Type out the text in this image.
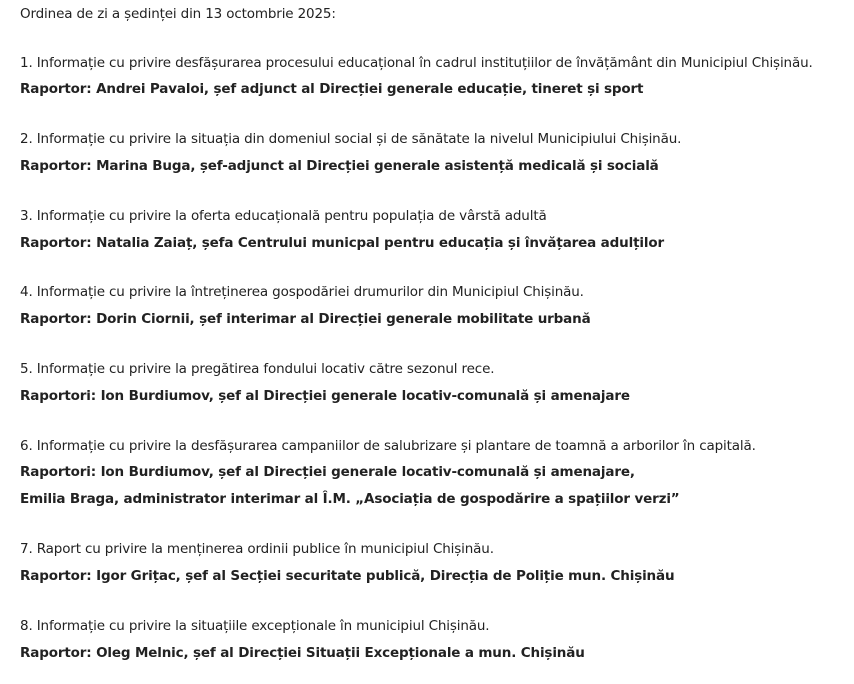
Ordinea de zi a ședinței din 13 octombrie 2025:
1. Informație cu privire desfășurarea procesului educațional în cadrul instituțiilor de învățământ din Municipiul Chișinău.
Raportor: Andrei Pavaloi, șef adjunct al Direcției generale educație, tineret și sport
2. Informație cu privire la situația din domeniul social și de sănătate la nivelul Municipiului Chișinău.
Raportor: Marina Buga, șef-adjunct al Direcției generale asistență medicală și socială
3. Informație cu privire la oferta educațională pentru populația de vârstă adultă
Raportor: Natalia Zaiaț, șefa Centrului municpal pentru educația și învățarea adulților
4. Informație cu privire la întreținerea gospodăriei drumurilor din Municipiul Chișinău.
Raportor: Dorin Ciornii, șef interimar al Direcției generale mobilitate urbană
5. Informație cu privire la pregătirea fondului locativ către sezonul rece.
Raportori: Ion Burdiumov, șef al Direcției generale locativ-comunală și amenajare
6. Informație cu privire la desfășurarea campaniilor de salubrizare și plantare de toamnă a arborilor în capitală.
Raportori: Ion Burdiumov, șef al Direcției generale locativ-comunală și amenajare,
Emilia Braga, administrator interimar al Î.M. „Asociația de gospodărire a spațiilor verzi”
7. Raport cu privire la menținerea ordinii publice în municipiul Chișinău.
Raportor: Igor Grițac, șef al Secției securitate publică, Direcția de Poliție mun. Chișinău
8. Informație cu privire la situațiile excepționale în municipiul Chișinău.
Raportor: Oleg Melnic, șef al Direcției Situații Excepționale a mun. Chișinău
